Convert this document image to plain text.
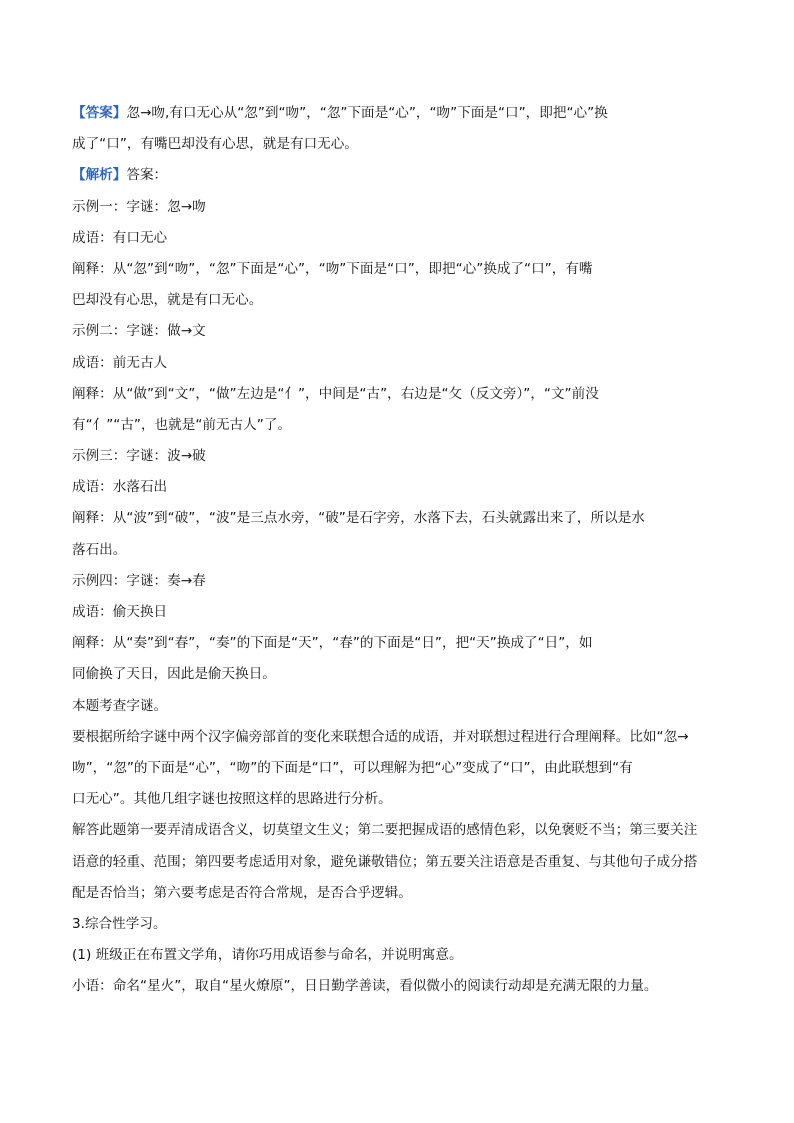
【答案】忽→吻,有口无心从“忽”到“吻”，“忽”下面是“心”，“吻”下面是“口”，即把“心”换
成了“口”，有嘴巴却没有心思，就是有口无心。
【解析】答案：
示例一：字谜：忽→吻
成语：有口无心
阐释：从“忽”到“吻”，“忽”下面是“心”，“吻”下面是“口”，即把“心”换成了“口”，有嘴
巴却没有心思，就是有口无心。
示例二：字谜：做→文
成语：前无古人
阐释：从“做”到“文”，“做”左边是“亻”，中间是“古”，右边是“攵（反文旁）”，“文”前没
有“亻”“古”，也就是“前无古人”了。
示例三：字谜：波→破
成语：水落石出
阐释：从“波”到“破”，“波”是三点水旁，“破”是石字旁，水落下去，石头就露出来了，所以是水
落石出。
示例四：字谜：奏→春
成语：偷天换日
阐释：从“奏”到“春”，“奏”的下面是“天”，“春”的下面是“日”，把“天”换成了“日”，如
同偷换了天日，因此是偷天换日。
本题考查字谜。
要根据所给字谜中两个汉字偏旁部首的变化来联想合适的成语，并对联想过程进行合理阐释。比如“忽→
吻”，“忽”的下面是“心”，“吻”的下面是“口”，可以理解为把“心”变成了“口”，由此联想到“有
口无心”。其他几组字谜也按照这样的思路进行分析。
解答此题第一要弄清成语含义，切莫望文生义；第二要把握成语的感情色彩，以免褒贬不当；第三要关注
语意的轻重、范围；第四要考虑适用对象，避免谦敬错位；第五要关注语意是否重复、与其他句子成分搭
配是否恰当；第六要考虑是否符合常规，是否合乎逻辑。
3.综合性学习。
(1) 班级正在布置文学角，请你巧用成语参与命名，并说明寓意。
小语：命名“星火”，取自“星火燎原”，日日勤学善读，看似微小的阅读行动却是充满无限的力量。
